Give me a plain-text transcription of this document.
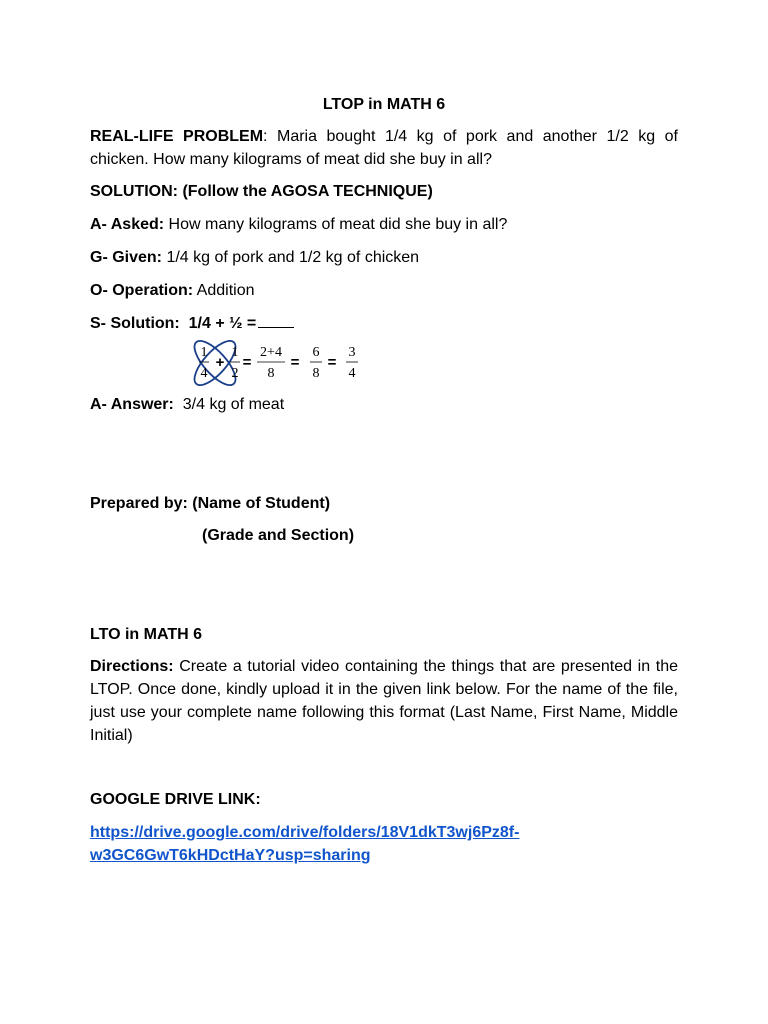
LTOP in MATH 6
REAL-LIFE PROBLEM: Maria bought 1/4 kg of pork and another 1/2 kg of chicken. How many kilograms of meat did she buy in all?
SOLUTION: (Follow the AGOSA TECHNIQUE)
A- Asked: How many kilograms of meat did she buy in all?
G- Given: 1/4 kg of pork and 1/2 kg of chicken
O- Operation: Addition
S- Solution: 1/4 + ½ =
1
4
+
1
2
=
2+4
8
=
6
8
=
3
4
A- Answer:  3/4 kg of meat
Prepared by: (Name of Student)
(Grade and Section)
LTO in MATH 6
Directions: Create a tutorial video containing the things that are presented in the LTOP. Once done, kindly upload it in the given link below. For the name of the file, just use your complete name following this format (Last Name, First Name, Middle Initial)
GOOGLE DRIVE LINK:
https://drive.google.com/drive/folders/18V1dkT3wj6Pz8f-
w3GC6GwT6kHDctHaY?usp=sharing
